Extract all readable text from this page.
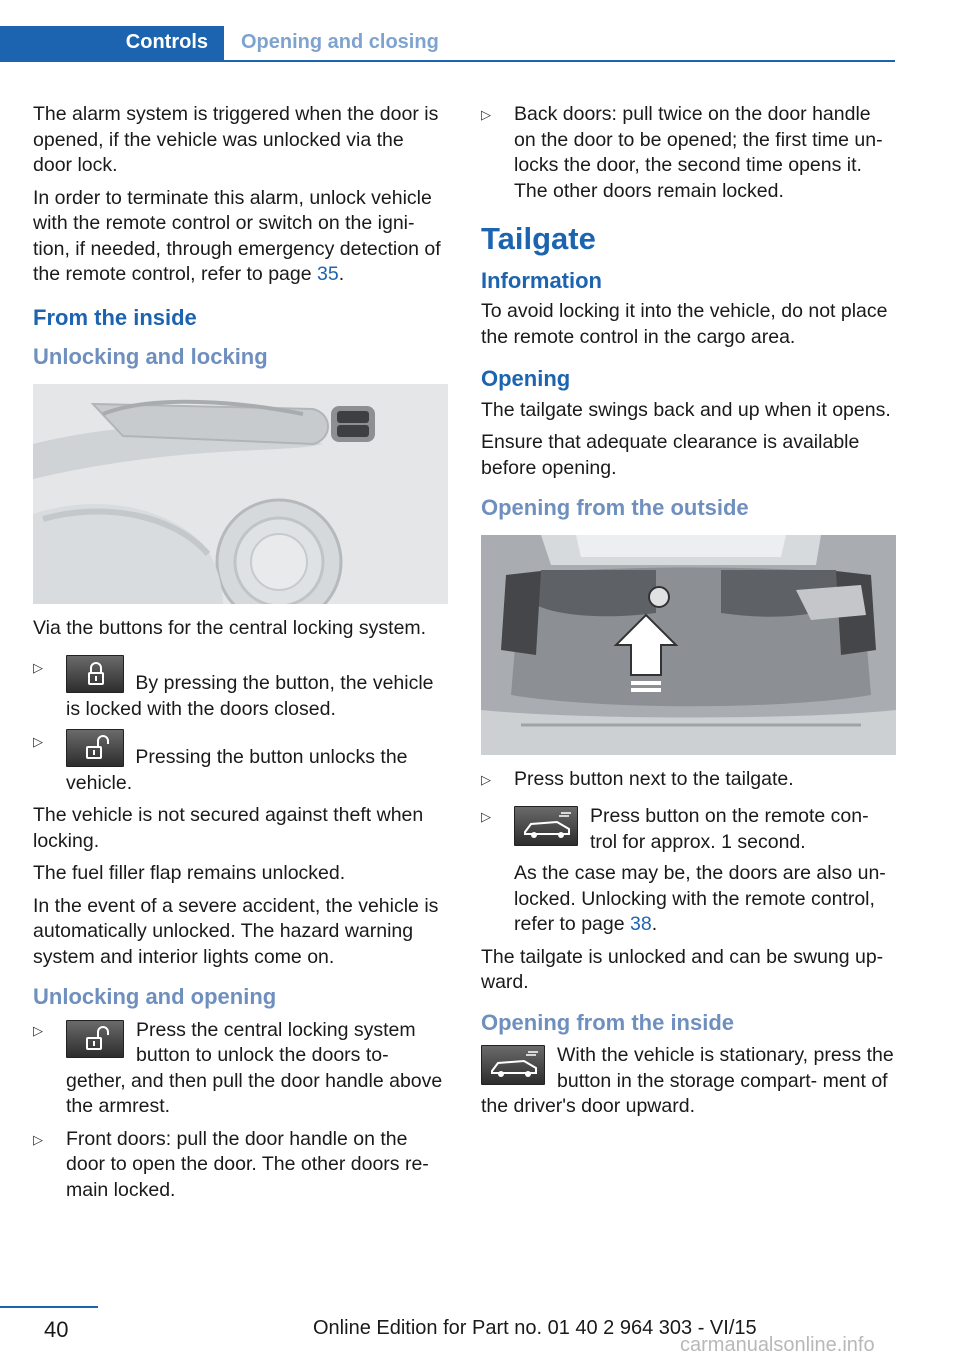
Controls	Opening and closing

The alarm system is triggered when the door is opened, if the vehicle was unlocked via the door lock.

In order to terminate this alarm, unlock vehicle with the remote control or switch on the igni‐ tion, if needed, through emergency detection of the remote control, refer to page 35.

From the inside
Unlocking and locking

Via the buttons for the central locking system.

▷ By pressing the button, the vehicle is locked with the doors closed.
▷ Pressing the button unlocks the vehicle.

The vehicle is not secured against theft when locking.

The fuel filler flap remains unlocked.

In the event of a severe accident, the vehicle is automatically unlocked. The hazard warning system and interior lights come on.

Unlocking and opening
▷ Press the central locking system button to unlock the doors to‐ gether, and then pull the door handle above the armrest.
▷ Front doors: pull the door handle on the door to open the door. The other doors re‐ main locked.
▷ Back doors: pull twice on the door handle on the door to be opened; the first time un‐ locks the door, the second time opens it. The other doors remain locked.
Tailgate
Information

To avoid locking it into the vehicle, do not place the remote control in the cargo area.

Opening

The tailgate swings back and up when it opens.

Ensure that adequate clearance is available before opening.

Opening from the outside
▷ Press button next to the tailgate.
▷ Press button on the remote con‐ trol for approx. 1 second.

As the case may be, the doors are also un‐ locked. Unlocking with the remote control, refer to page 38.

The tailgate is unlocked and can be swung up‐ ward.

Opening from the inside

With the vehicle is stationary, press the button in the storage compart‐ ment of the driver's door upward.

40	Online Edition for Part no. 01 40 2 964 303 - VI/15
carmanualsonline.info
